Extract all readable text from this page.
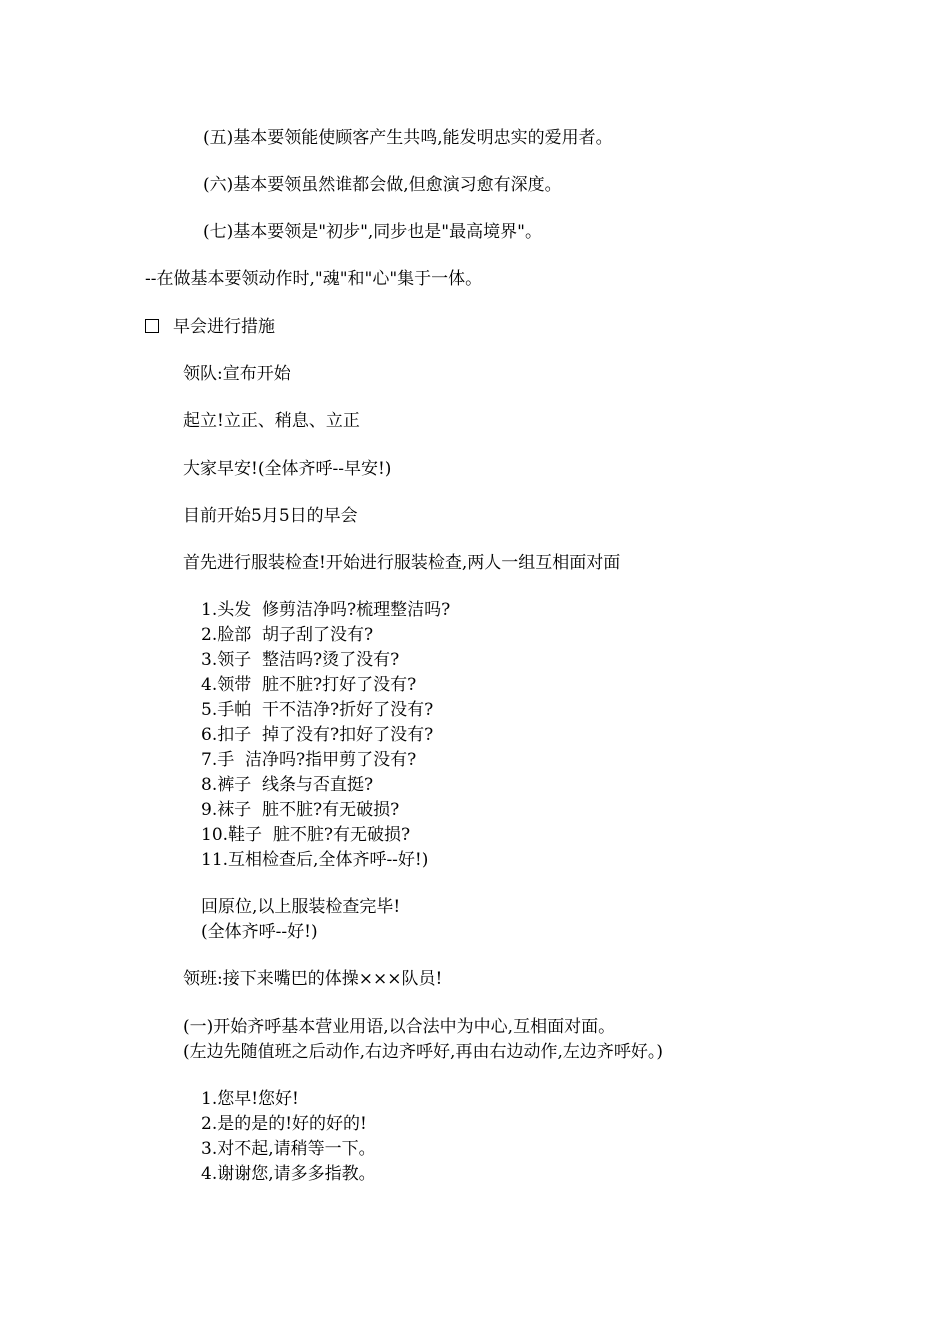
(五)基本要领能使顾客产生共鸣,能发明忠实的爱用者。

(六)基本要领虽然谁都会做,但愈演习愈有深度。

(七)基本要领是"初步",同步也是"最高境界"。

--在做基本要领动作时,"魂"和"心"集于一体。

早会进行措施

领队:宣布开始

起立!立正、稍息、立正

大家早安!(全体齐呼--早安!)

目前开始5月5日的早会

首先进行服装检查!开始进行服装检查,两人一组互相面对面

1.头发  修剪洁净吗?梳理整洁吗?

2.脸部  胡子刮了没有?

3.领子  整洁吗?烫了没有?

4.领带  脏不脏?打好了没有?

5.手帕  干不洁净?折好了没有?

6.扣子  掉了没有?扣好了没有?

7.手  洁净吗?指甲剪了没有?

8.裤子  线条与否直挺?

9.袜子  脏不脏?有无破损?

10.鞋子  脏不脏?有无破损?

11.互相检查后,全体齐呼--好!)

回原位,以上服装检查完毕!

(全体齐呼--好!)

领班:接下来嘴巴的体操×××队员!

(一)开始齐呼基本营业用语,以合法中为中心,互相面对面。

(左边先随值班之后动作,右边齐呼好,再由右边动作,左边齐呼好。)

1.您早!您好!

2.是的是的!好的好的!

3.对不起,请稍等一下。

4.谢谢您,请多多指教。
